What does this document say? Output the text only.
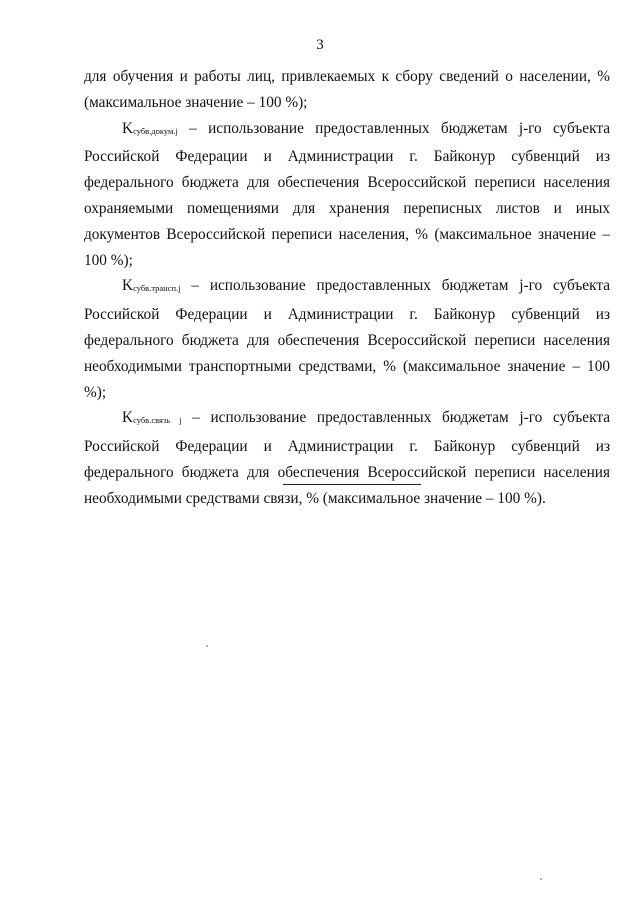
3

для обучения и работы лиц, привлекаемых к сбору сведений о населении, % (максимальное значение – 100 %);

Kсубв.докум.j – использование предоставленных бюджетам j-го субъекта Российской Федерации и Администрации г. Байконур субвенций из федерального бюджета для обеспечения Всероссийской переписи населения охраняемыми помещениями для хранения переписных листов и иных документов Всероссийской переписи населения, % (максимальное значение – 100 %);

Kсубв.трансп.j – использование предоставленных бюджетам j-го субъекта Российской Федерации и Администрации г. Байконур субвенций из федерального бюджета для обеспечения Всероссийской переписи населения необходимыми транспортными средствами, % (максимальное значение – 100 %);

Kсубв.связь j – использование предоставленных бюджетам j-го субъекта Российской Федерации и Администрации г. Байконур субвенций из федерального бюджета для обеспечения Всероссийской переписи населения необходимыми средствами связи, % (максимальное значение – 100 %).
